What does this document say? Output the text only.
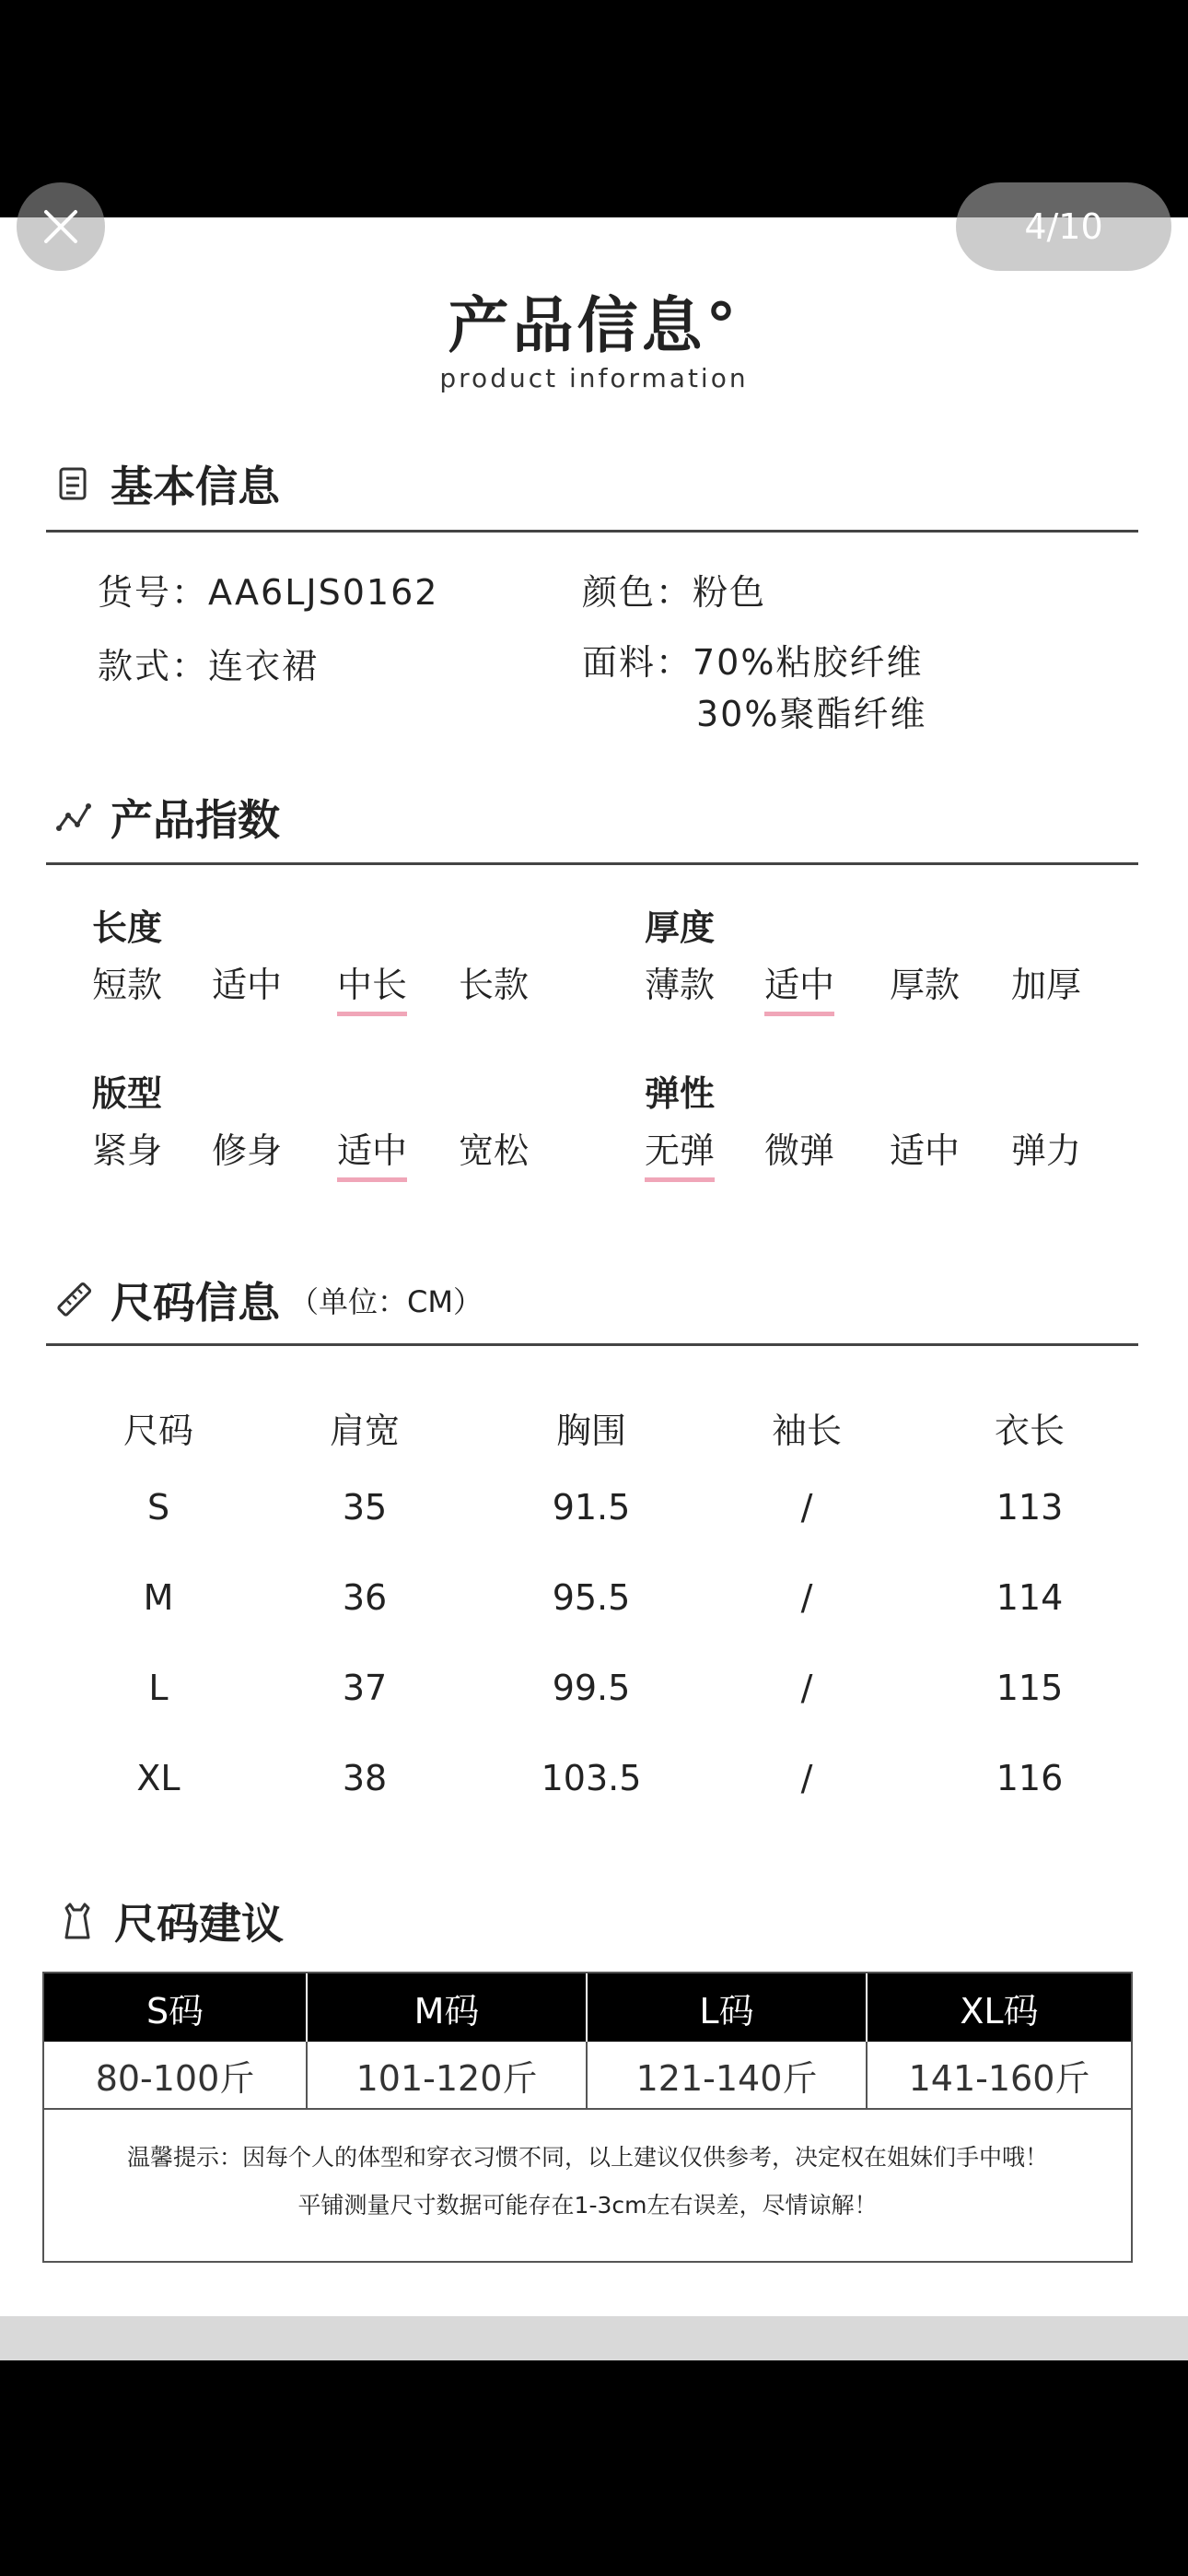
4/10
产品信息°
product information
基本信息
货号：AA6LJS0162	颜色：粉色
款式：连衣裙	面料：70%粘胶纤维
30%聚酯纤维
产品指数
长度
短款 适中 中长 长款
厚度
薄款 适中 厚款 加厚
版型
紧身 修身 适中 宽松
弹性
无弹 微弹 适中 弹力
尺码信息 （单位：CM）
尺码	肩宽	胸围	袖长	衣长
S	35	91.5	/	113
M	36	95.5	/	114
L	37	99.5	/	115
XL	38	103.5	/	116
尺码建议
S码	M码	L码	XL码
80-100斤	101-120斤	121-140斤	141-160斤
温馨提示：因每个人的体型和穿衣习惯不同，以上建议仅供参考，决定权在姐妹们手中哦！
平铺测量尺寸数据可能存在1-3cm左右误差，尽情谅解！
